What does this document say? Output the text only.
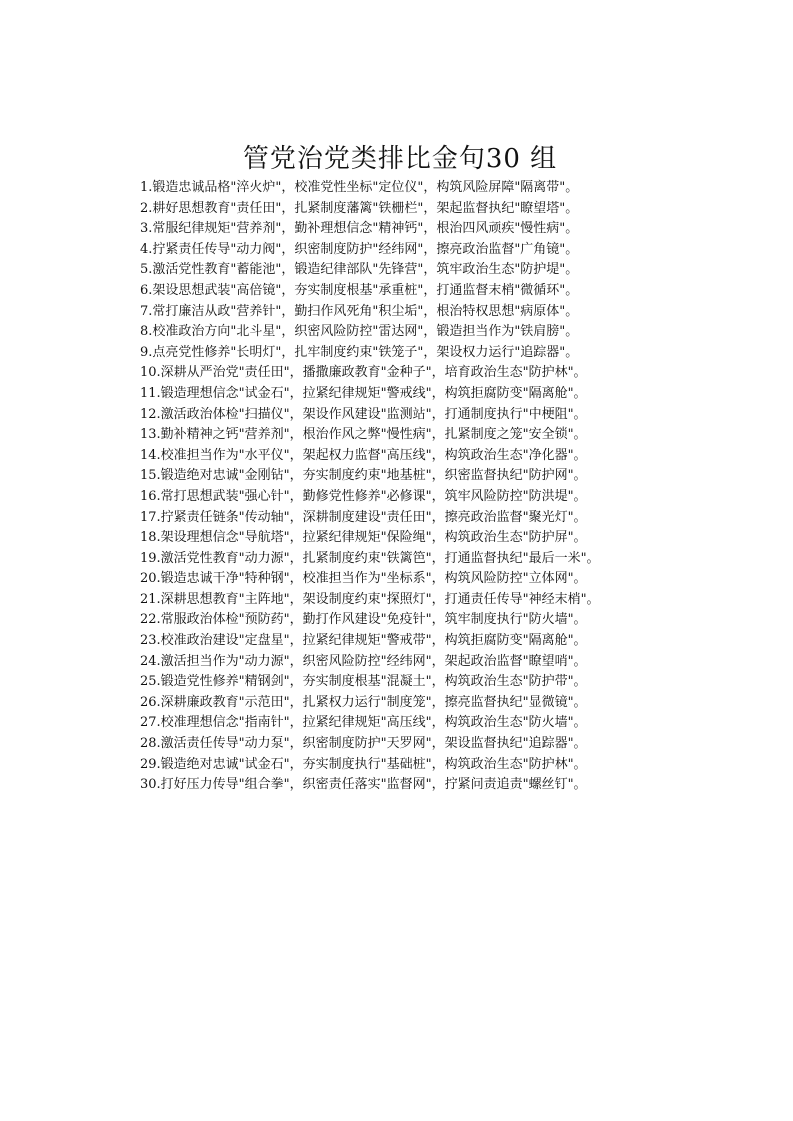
管党治党类排比金句30 组
1.锻造忠诚品格"淬火炉"，校准党性坐标"定位仪"，构筑风险屏障"隔离带"。
2.耕好思想教育"责任田"，扎紧制度藩篱"铁栅栏"，架起监督执纪"瞭望塔"。
3.常服纪律规矩"营养剂"，勤补理想信念"精神钙"，根治四风顽疾"慢性病"。
4.拧紧责任传导"动力阀"，织密制度防护"经纬网"，擦亮政治监督"广角镜"。
5.激活党性教育"蓄能池"，锻造纪律部队"先锋营"，筑牢政治生态"防护堤"。
6.架设思想武装"高倍镜"，夯实制度根基"承重桩"，打通监督末梢"微循环"。
7.常打廉洁从政"营养针"，勤扫作风死角"积尘垢"，根治特权思想"病原体"。
8.校准政治方向"北斗星"，织密风险防控"雷达网"，锻造担当作为"铁肩膀"。
9.点亮党性修养"长明灯"，扎牢制度约束"铁笼子"，架设权力运行"追踪器"。
10.深耕从严治党"责任田"，播撒廉政教育"金种子"，培育政治生态"防护林"。
11.锻造理想信念"试金石"，拉紧纪律规矩"警戒线"，构筑拒腐防变"隔离舱"。
12.激活政治体检"扫描仪"，架设作风建设"监测站"，打通制度执行"中梗阻"。
13.勤补精神之钙"营养剂"，根治作风之弊"慢性病"，扎紧制度之笼"安全锁"。
14.校准担当作为"水平仪"，架起权力监督"高压线"，构筑政治生态"净化器"。
15.锻造绝对忠诚"金刚钻"，夯实制度约束"地基桩"，织密监督执纪"防护网"。
16.常打思想武装"强心针"，勤修党性修养"必修课"，筑牢风险防控"防洪堤"。
17.拧紧责任链条"传动轴"，深耕制度建设"责任田"，擦亮政治监督"聚光灯"。
18.架设理想信念"导航塔"，拉紧纪律规矩"保险绳"，构筑政治生态"防护屏"。
19.激活党性教育"动力源"，扎紧制度约束"铁篱笆"，打通监督执纪"最后一米"。
20.锻造忠诚干净"特种钢"，校准担当作为"坐标系"，构筑风险防控"立体网"。
21.深耕思想教育"主阵地"，架设制度约束"探照灯"，打通责任传导"神经末梢"。
22.常服政治体检"预防药"，勤打作风建设"免疫针"，筑牢制度执行"防火墙"。
23.校准政治建设"定盘星"，拉紧纪律规矩"警戒带"，构筑拒腐防变"隔离舱"。
24.激活担当作为"动力源"，织密风险防控"经纬网"，架起政治监督"瞭望哨"。
25.锻造党性修养"精钢剑"，夯实制度根基"混凝土"，构筑政治生态"防护带"。
26.深耕廉政教育"示范田"，扎紧权力运行"制度笼"，擦亮监督执纪"显微镜"。
27.校准理想信念"指南针"，拉紧纪律规矩"高压线"，构筑政治生态"防火墙"。
28.激活责任传导"动力泵"，织密制度防护"天罗网"，架设监督执纪"追踪器"。
29.锻造绝对忠诚"试金石"，夯实制度执行"基础桩"，构筑政治生态"防护林"。
30.打好压力传导"组合拳"，织密责任落实"监督网"，拧紧问责追责"螺丝钉"。
